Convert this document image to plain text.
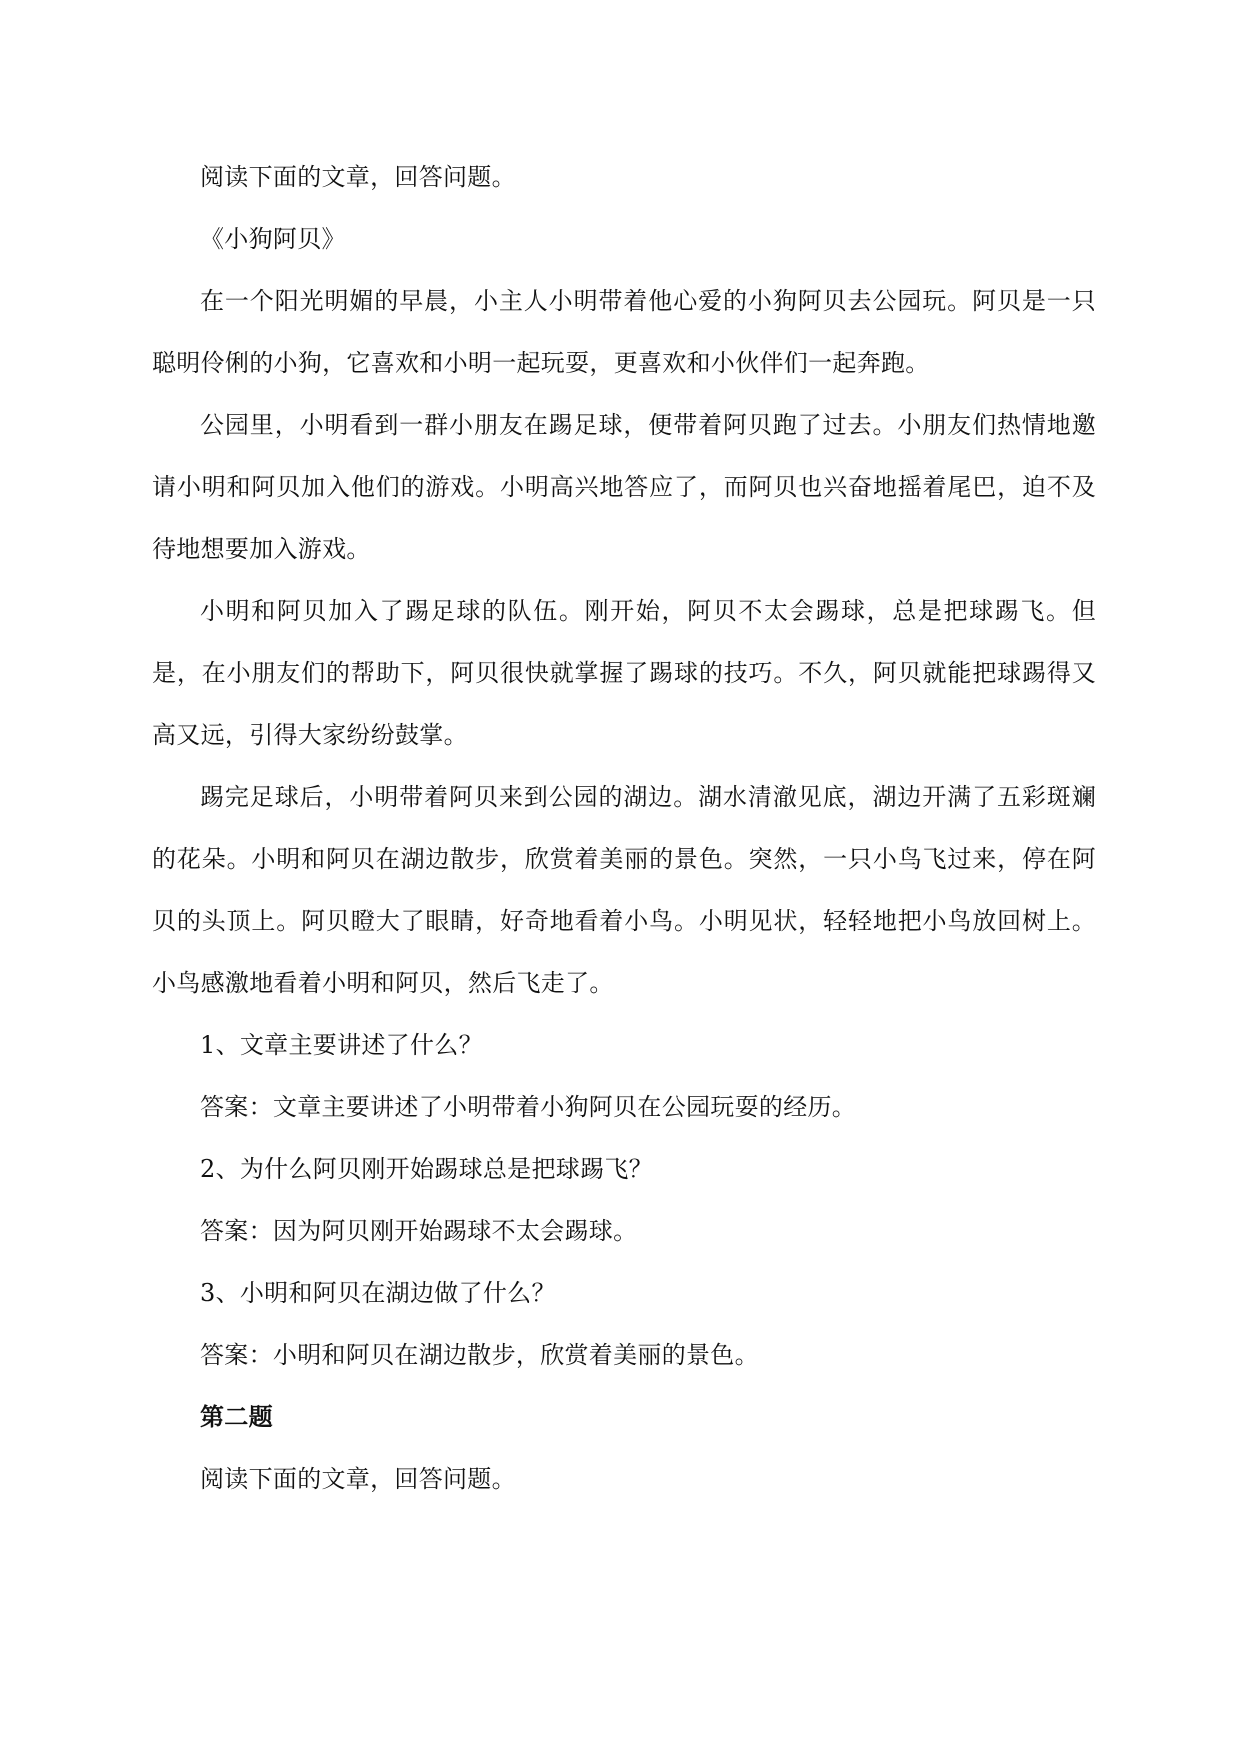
阅读下面的文章，回答问题。

《小狗阿贝》

在一个阳光明媚的早晨，小主人小明带着他心爱的小狗阿贝去公园玩。阿贝是一只聪明伶俐的小狗，它喜欢和小明一起玩耍，更喜欢和小伙伴们一起奔跑。

公园里，小明看到一群小朋友在踢足球，便带着阿贝跑了过去。小朋友们热情地邀请小明和阿贝加入他们的游戏。小明高兴地答应了，而阿贝也兴奋地摇着尾巴，迫不及待地想要加入游戏。

小明和阿贝加入了踢足球的队伍。刚开始，阿贝不太会踢球，总是把球踢飞。但是，在小朋友们的帮助下，阿贝很快就掌握了踢球的技巧。不久，阿贝就能把球踢得又高又远，引得大家纷纷鼓掌。

踢完足球后，小明带着阿贝来到公园的湖边。湖水清澈见底，湖边开满了五彩斑斓的花朵。小明和阿贝在湖边散步，欣赏着美丽的景色。突然，一只小鸟飞过来，停在阿贝的头顶上。阿贝瞪大了眼睛，好奇地看着小鸟。小明见状，轻轻地把小鸟放回树上。小鸟感激地看着小明和阿贝，然后飞走了。

1、文章主要讲述了什么？

答案：文章主要讲述了小明带着小狗阿贝在公园玩耍的经历。

2、为什么阿贝刚开始踢球总是把球踢飞？

答案：因为阿贝刚开始踢球不太会踢球。

3、小明和阿贝在湖边做了什么？

答案：小明和阿贝在湖边散步，欣赏着美丽的景色。

第二题

阅读下面的文章，回答问题。
